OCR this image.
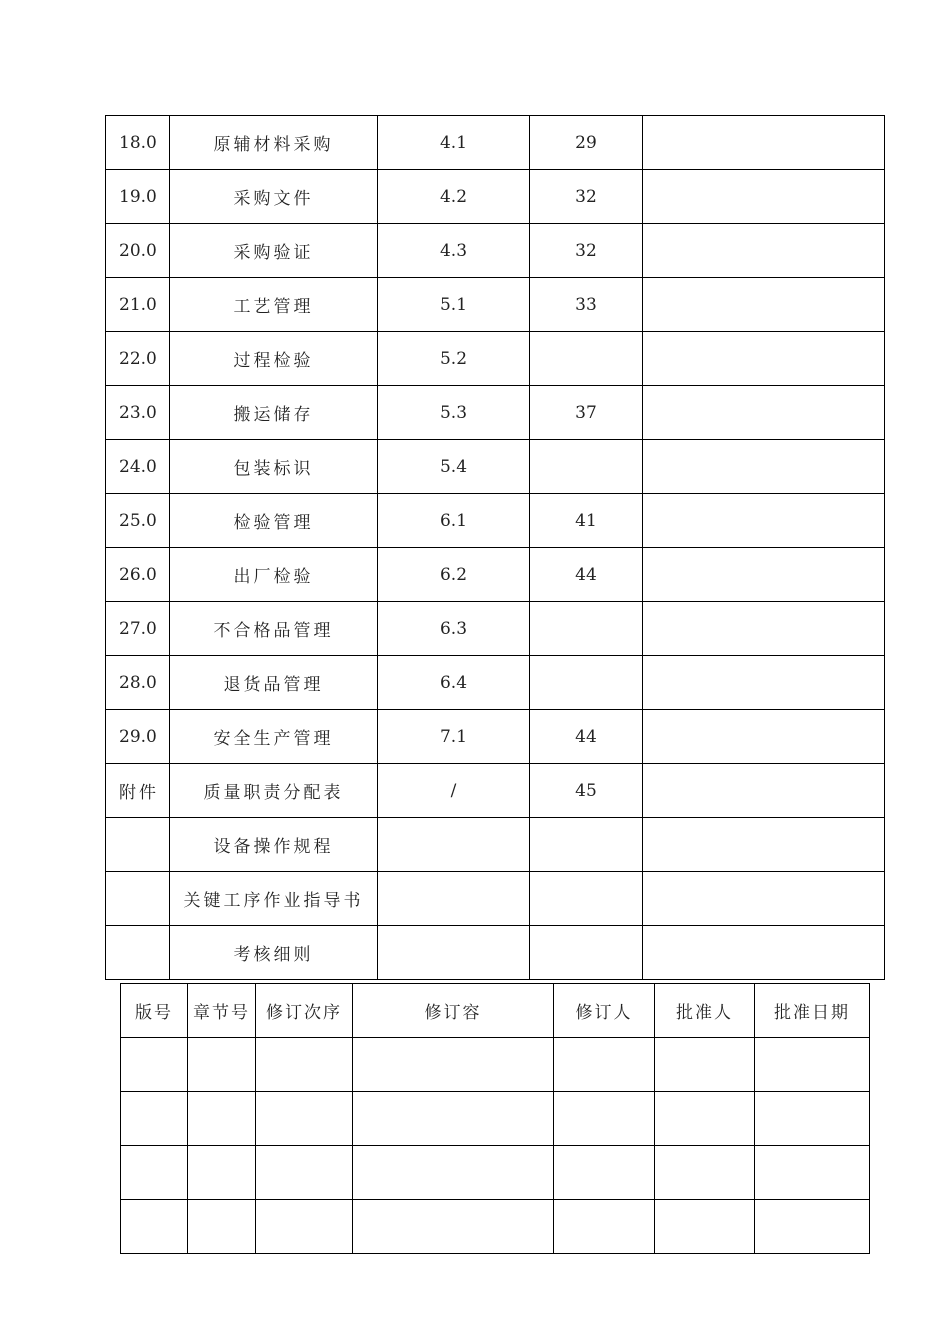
18.0	原辅材料采购	4.1	29	
19.0	采购文件	4.2	32	
20.0	采购验证	4.3	32	
21.0	工艺管理	5.1	33	
22.0	过程检验	5.2		
23.0	搬运储存	5.3	37	
24.0	包装标识	5.4		
25.0	检验管理	6.1	41	
26.0	出厂检验	6.2	44	
27.0	不合格品管理	6.3		
28.0	退货品管理	6.4		
29.0	安全生产管理	7.1	44	
附件	质量职责分配表	/	45	
	设备操作规程			
	关键工序作业指导书			
	考核细则			
版号	章节号	修订次序	修订容	修订人	批准人	批准日期
